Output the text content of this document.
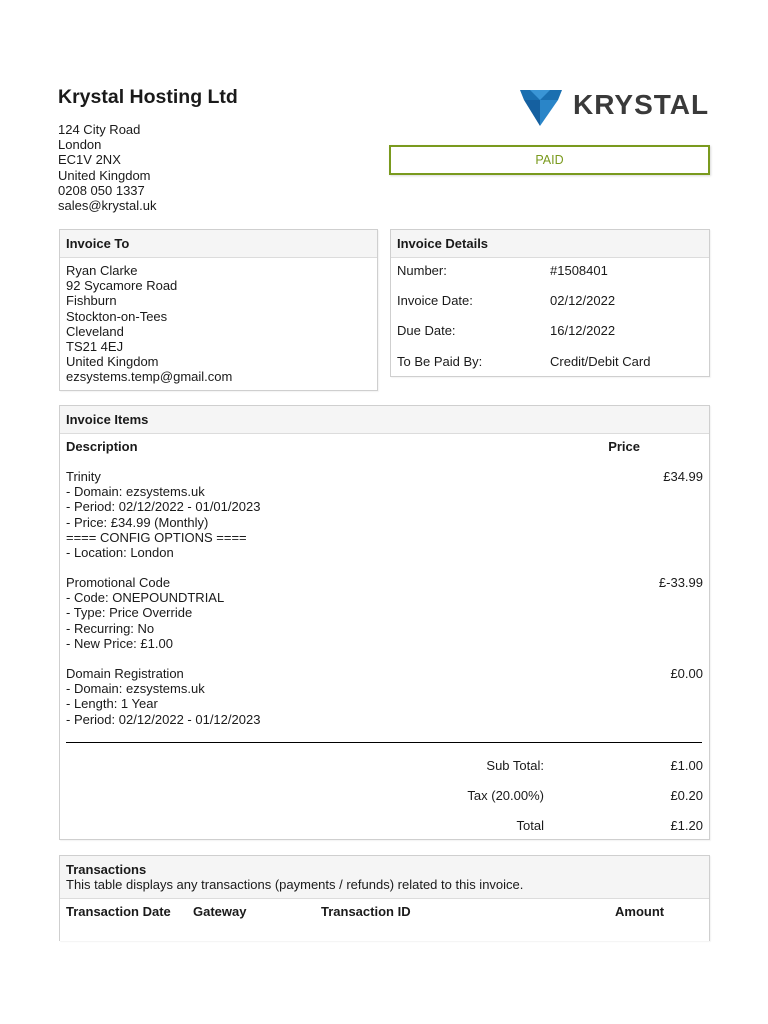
Krystal Hosting Ltd
124 City Road
London
EC1V 2NX
United Kingdom
0208 050 1337
sales@krystal.uk
KRYSTAL
PAID
Invoice To
Ryan Clarke
92 Sycamore Road
Fishburn
Stockton-on-Tees
Cleveland
TS21 4EJ
United Kingdom
ezsystems.temp@gmail.com
Invoice Details
Number:	#1508401
Invoice Date:	02/12/2022
Due Date:	16/12/2022
To Be Paid By:	Credit/Debit Card
Invoice Items
Description	Price
Trinity
- Domain: ezsystems.uk
- Period: 02/12/2022 - 01/01/2023
- Price: £34.99 (Monthly)
==== CONFIG OPTIONS ====
- Location: London
£34.99
Promotional Code
- Code: ONEPOUNDTRIAL
- Type: Price Override
- Recurring: No
- New Price: £1.00
£-33.99
Domain Registration
- Domain: ezsystems.uk
- Length: 1 Year
- Period: 02/12/2022 - 01/12/2023
£0.00
Sub Total:	£1.00
Tax (20.00%)	£0.20
Total	£1.20
Transactions
This table displays any transactions (payments / refunds) related to this invoice.
Transaction Date Gateway	Transaction ID	Amount
